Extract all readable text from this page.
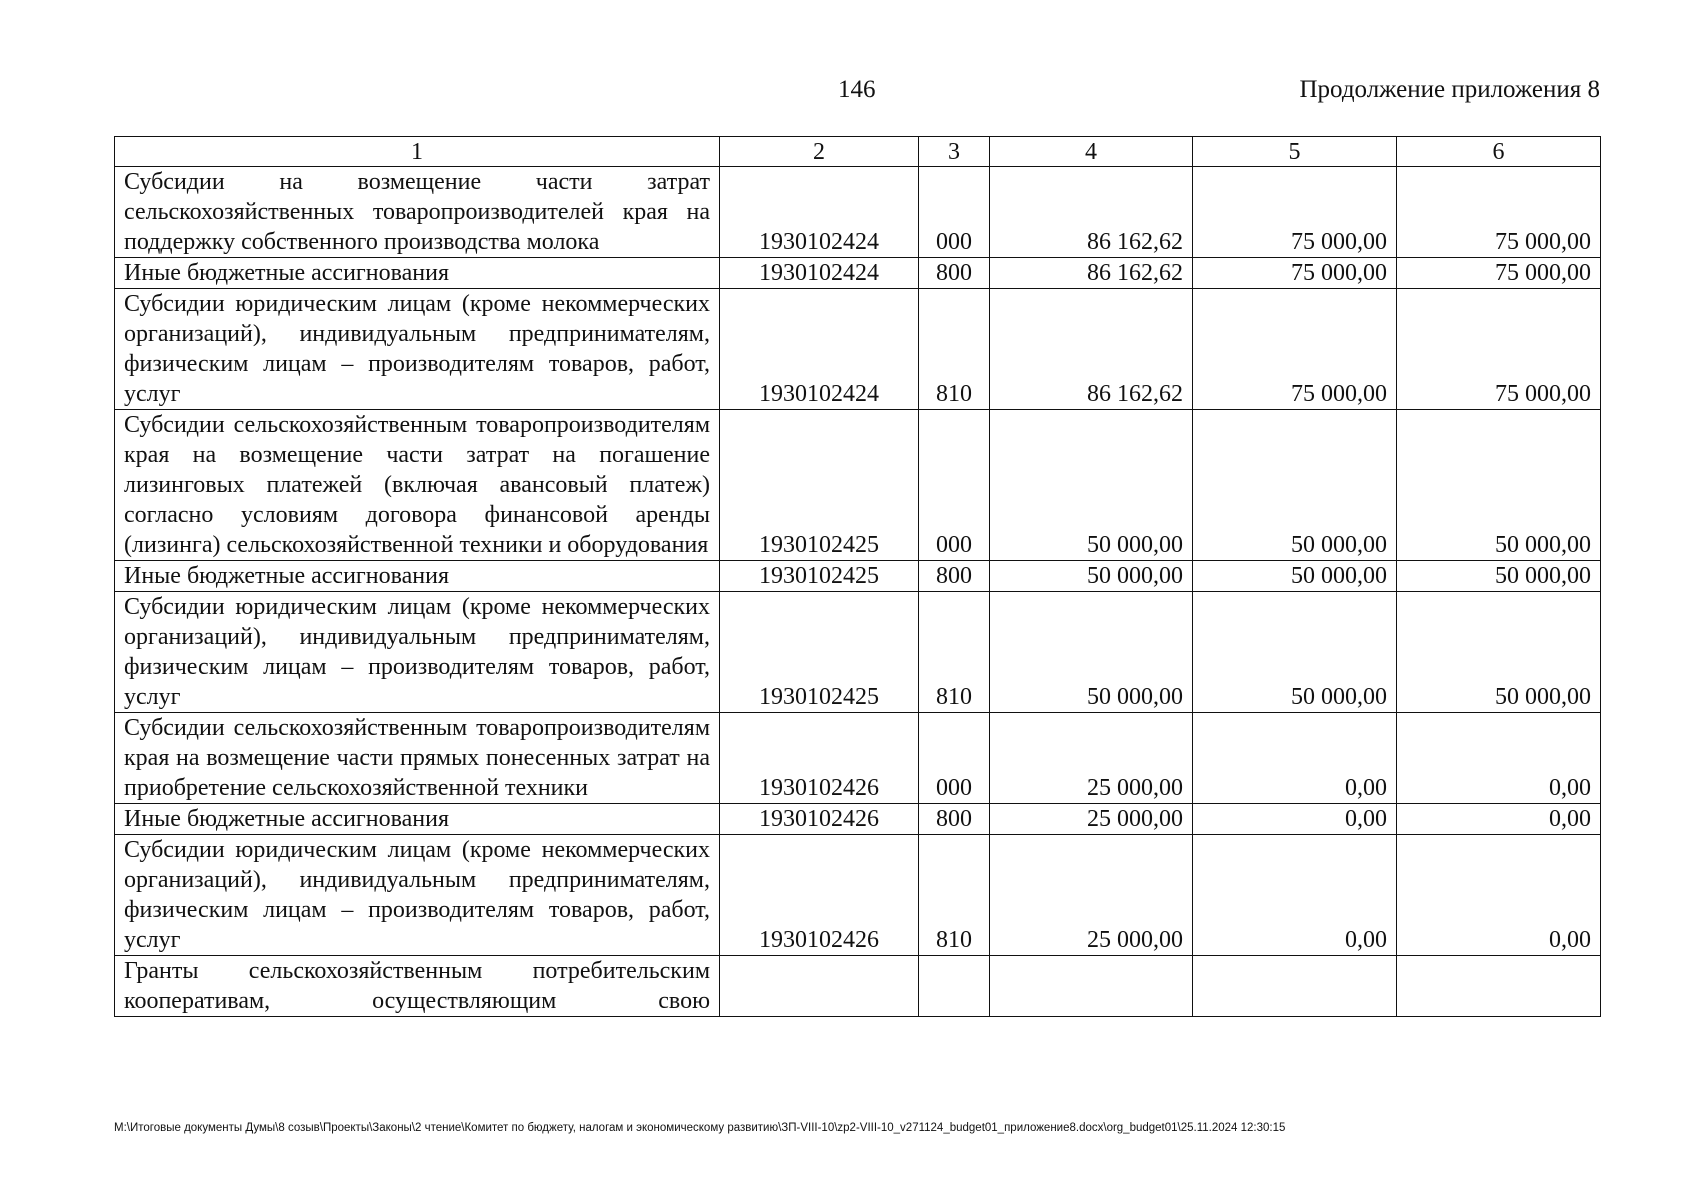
146	Продолжение приложения 8
1	2	3	4	5	6
Субсидии на возмещение части затрат сельскохозяйственных товаропроизводителей края на поддержку собственного производства молока	1930102424	000	86 162,62	75 000,00	75 000,00
Иные бюджетные ассигнования	1930102424	800	86 162,62	75 000,00	75 000,00
Субсидии юридическим лицам (кроме некоммерческих организаций), индивидуальным предпринимателям, физическим лицам – производителям товаров, работ, услуг	1930102424	810	86 162,62	75 000,00	75 000,00
Субсидии сельскохозяйственным товаропроизводителям края на возмещение части затрат на погашение лизинговых платежей (включая авансовый платеж) согласно условиям договора финансовой аренды (лизинга) сельскохозяйственной техники и оборудования	1930102425	000	50 000,00	50 000,00	50 000,00
Иные бюджетные ассигнования	1930102425	800	50 000,00	50 000,00	50 000,00
Субсидии юридическим лицам (кроме некоммерческих организаций), индивидуальным предпринимателям, физическим лицам – производителям товаров, работ, услуг	1930102425	810	50 000,00	50 000,00	50 000,00
Субсидии сельскохозяйственным товаропроизводителям края на возмещение части прямых понесенных затрат на приобретение сельскохозяйственной техники	1930102426	000	25 000,00	0,00	0,00
Иные бюджетные ассигнования	1930102426	800	25 000,00	0,00	0,00
Субсидии юридическим лицам (кроме некоммерческих организаций), индивидуальным предпринимателям, физическим лицам – производителям товаров, работ, услуг	1930102426	810	25 000,00	0,00	0,00
Гранты сельскохозяйственным потребительским кооперативам, осуществляющим свою					
M:\Итоговые документы Думы\8 созыв\Проекты\Законы\2 чтение\Комитет по бюджету, налогам и экономическому развитию\ЗП-VIII-10\zp2-VIII-10_v271124_budget01_приложение8.docx\org_budget01\25.11.2024 12:30:15
